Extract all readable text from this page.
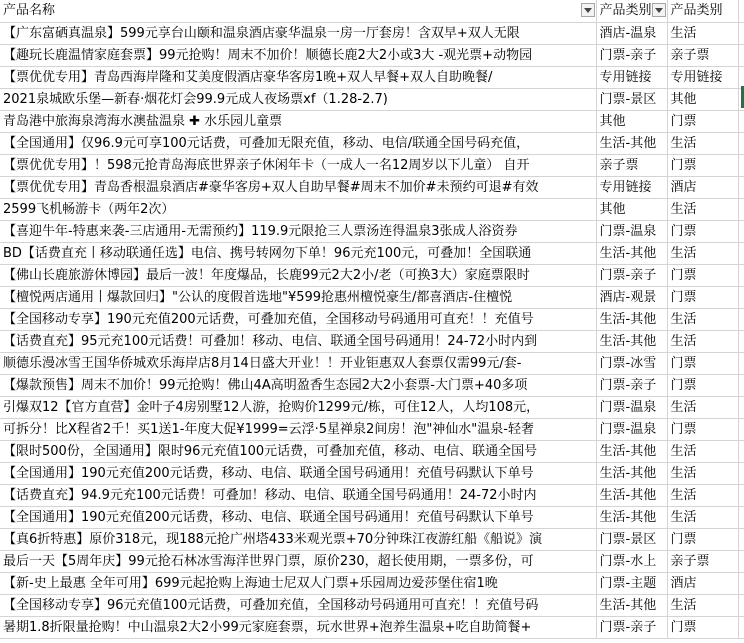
产品名称	产品类别	产品类别	
【广东富硒真温泉】599元享台山颐和温泉酒店豪华温泉一房一厅套房！含双早+双人无限	酒店-温泉	生活	
【趣玩长鹿温情家庭套票】99元抢购！周末不加价！顺德长鹿2大2小或3大 -观光票+动物园	门票-亲子	亲子票	
【票优优专用】青岛西海岸隆和艾美度假酒店豪华客房1晚+双人早餐+双人自助晚餐/	专用链接	专用链接	
2021泉城欧乐堡—新春·烟花灯会99.9元成人夜场票xf（1.28-2.7)	门票-景区	其他	
青岛港中旅海泉湾海水澳盐温泉 ✚ 水乐园儿童票	其他	门票	
【全国通用】仅96.9元可享100元话费，可叠加无限充值，移动、电信/联通全国号码充值，	生活-其他	生活	
【票优优专用】！598元抢青岛海底世界亲子休闲年卡（一成人一名12周岁以下儿童） 自开	亲子票	门票	
【票优优专用】青岛香根温泉酒店#豪华客房+双人自助早餐#周末不加价#未预约可退#有效	专用链接	酒店	
2599飞机畅游卡（两年2次）	其他	生活	
【喜迎牛年-特惠来袭-三店通用-无需预约】119.9元限抢三人票汤连得温泉3张成人浴资券	门票-温泉	门票	
BD【话费直充丨移动联通任选】电信、携号转网勿下单！96元充100元，可叠加！全国联通	生活-其他	生活	
【佛山长鹿旅游休博园】最后一波！年度爆品，长鹿99元2大2小/老（可换3大）家庭票限时	门票-亲子	门票	
【檀悦两店通用丨爆款回归】"公认的度假首选地"¥599抢惠州檀悦豪生/都喜酒店-住檀悦	酒店-观景	门票	
【全国移动专享】190元充值200元话费，可叠加充值，全国移动号码通用可直充！！充值号	生活-其他	生活	
【话费直充】95元充100元话费！可叠加！移动、电信、联通全国号码通用！24-72小时内到	生活-其他	生活	
顺德乐漫冰雪王国华侨城欢乐海岸店8月14日盛大开业！！开业钜惠双人套票仅需99元/套-	门票-冰雪	门票	
【爆款预售】周末不加价！99元抢购！佛山4A高明盈香生态园2大2小套票-大门票+40多项	门票-亲子	门票	
引爆双12【官方直营】金叶子4房别墅12人游，抢购价1299元/栋，可住12人，人均108元，	门票-温泉	生活	
可拆分！比X程省2千！买1送1-年度大促¥1999=云浮·5星禅泉2间房！泡"神仙水"温泉-轻奢	门票-温泉	门票	
【限时500份，全国通用】限时96元充值100元话费，可叠加充值，移动、电信、联通全国号	生活-其他	生活	
【全国通用】190元充值200元话费，移动、电信、联通全国号码通用！充值号码默认下单号	生活-其他	生活	
【话费直充】94.9元充100元话费！可叠加！移动、电信、联通全国号码通用！24-72小时内	生活-其他	生活	
【全国通用】190元充值200元话费，移动、电信、联通全国号码通用！充值号码默认下单号	生活-其他	生活	
【真6折特惠】原价318元，现188元抢广州塔433米观光票+70分钟珠江夜游红船《船说》演	门票-景区	门票	
最后一天【5周年庆】99元抢石林冰雪海洋世界门票，原价230，超长使用期，一票多份，可	门票-水上	亲子票	
【新-史上最惠 全年可用】699元起抢购上海迪士尼双人门票+乐园周边爱莎堡住宿1晚	门票-主题	酒店	
【全国移动专享】96元充值100元话费，可叠加充值，全国移动号码通用可直充！！充值号码	生活-其他	生活	
暑期1.8折限量抢购！中山温泉2大2小99元家庭套票，玩水世界+泡养生温泉+吃自助简餐+	门票-亲子	门票	
